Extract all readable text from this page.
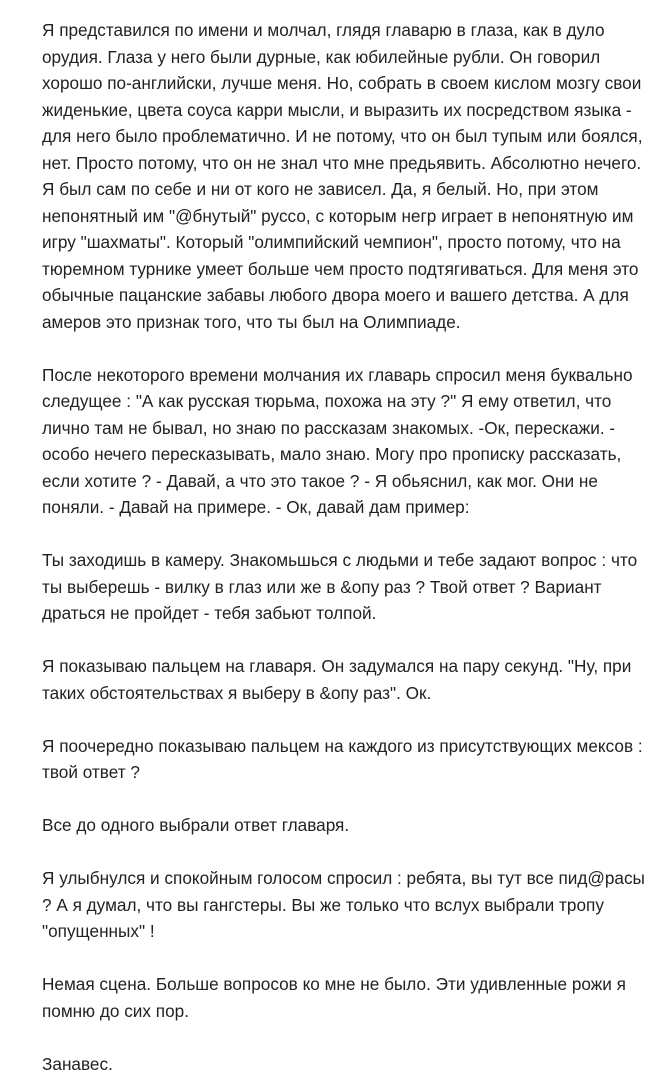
Я представился по имени и молчал, глядя главарю в глаза, как в дуло
орудия. Глаза у него были дурные, как юбилейные рубли. Он говорил
хорошо по-английски, лучше меня. Но, собрать в своем кислом мозгу свои
жиденькие, цвета соуса карри мысли, и выразить их посредством языка -
для него было проблематично. И не потому, что он был тупым или боялся,
нет. Просто потому, что он не знал что мне предьявить. Абсолютно нечего.
Я был сам по себе и ни от кого не зависел. Да, я белый. Но, при этом
непонятный им "@бнутый" руссо, с которым негр играет в непонятную им
игру "шахматы". Который "олимпийский чемпион", просто потому, что на
тюремном турнике умеет больше чем просто подтягиваться. Для меня это
обычные пацанские забавы любого двора моего и вашего детства. А для
амеров это признак того, что ты был на Олимпиаде.

После некоторого времени молчания их главарь спросил меня буквально
следущее : "А как русская тюрьма, похожа на эту ?" Я ему ответил, что
лично там не бывал, но знаю по рассказам знакомых. -Ок, перескажи. -
особо нечего пересказывать, мало знаю. Могу про прописку рассказать,
если хотите ? - Давай, а что это такое ? - Я обьяснил, как мог. Они не
поняли. - Давай на примере. - Ок, давай дам пример:

Ты заходишь в камеру. Знакомьшься с людьми и тебе задают вопрос : что
ты выберешь - вилку в глаз или же в &опу раз ? Твой ответ ? Вариант
драться не пройдет - тебя забьют толпой.

Я показываю пальцем на главаря. Он задумался на пару секунд. "Ну, при
таких обстоятельствах я выберу в &опу раз". Ок.

Я поочередно показываю пальцем на каждого из присутствующих мексов :
твой ответ ?

Все до одного выбрали ответ главаря.

Я улыбнулся и спокойным голосом спросил : ребята, вы тут все пид@расы
? А я думал, что вы гангстеры. Вы же только что вслух выбрали тропу
"опущенных" !

Немая сцена. Больше вопросов ко мне не было. Эти удивленные рожи я
помню до сих пор.

Занавес.
